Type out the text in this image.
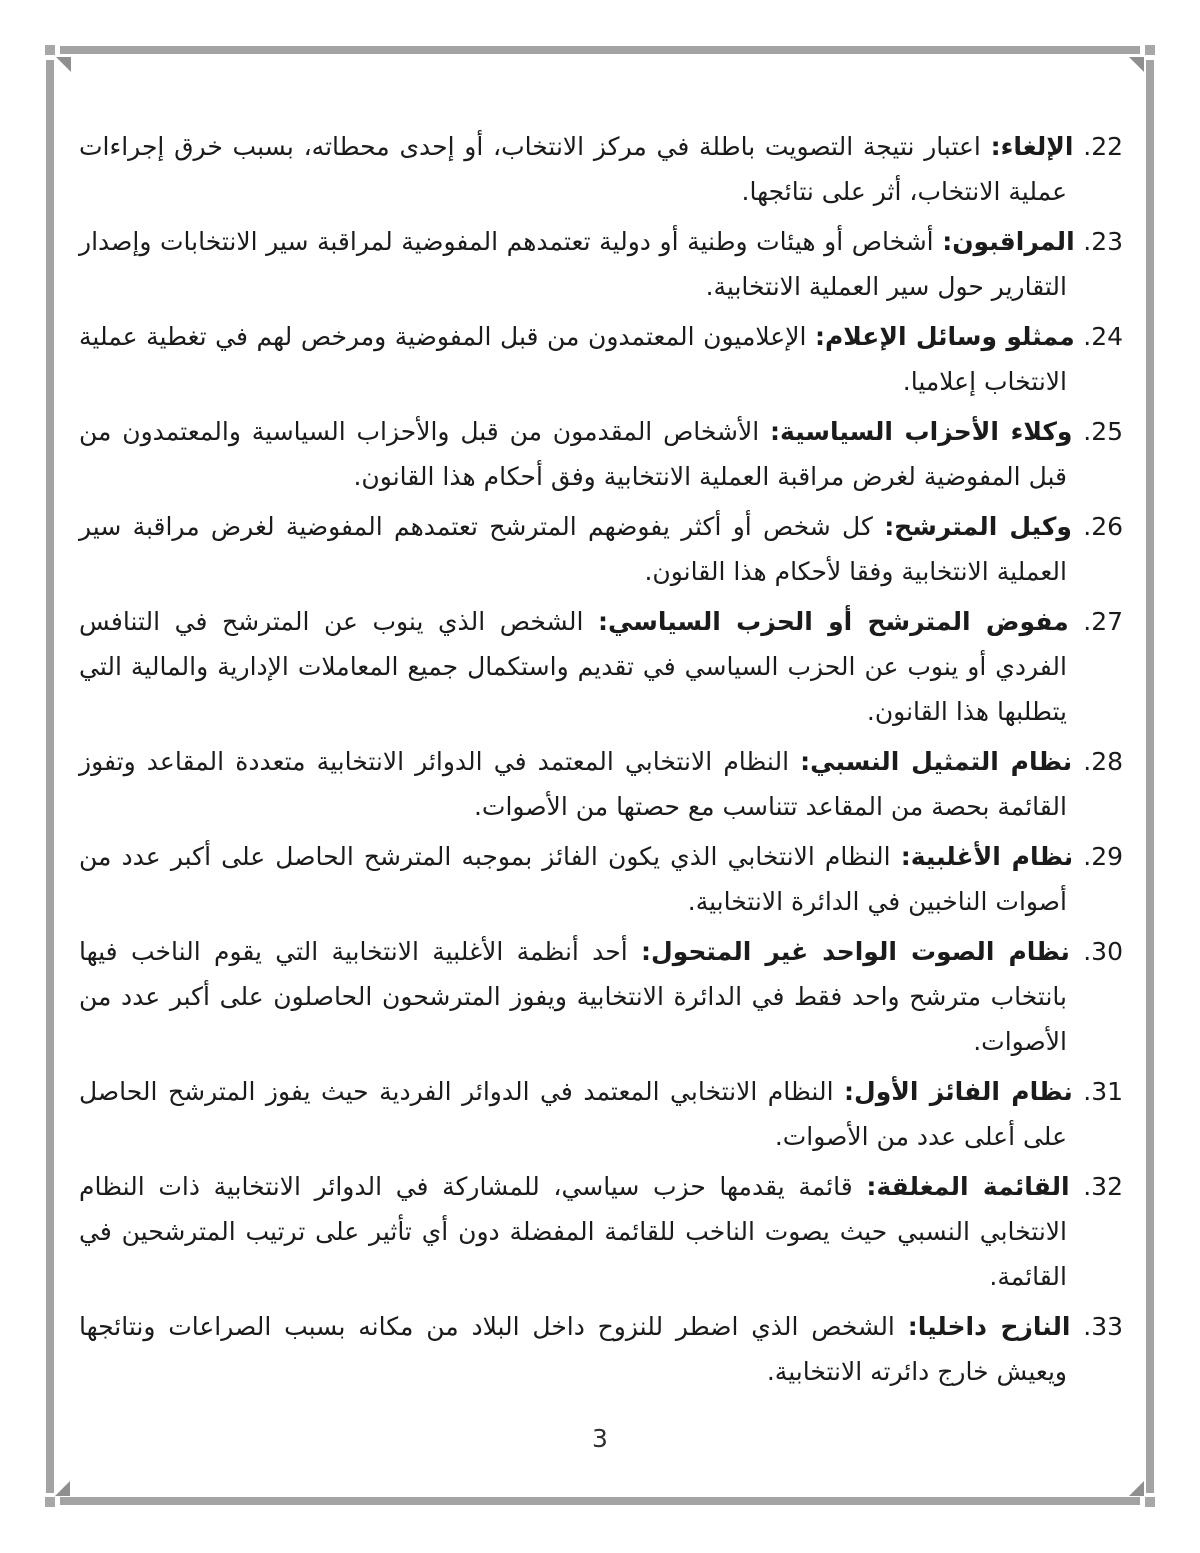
22. الإلغاء: اعتبار نتيجة التصويت باطلة في مركز الانتخاب، أو إحدى محطاته، بسبب خرق إجراءات عملية الانتخاب، أثر على نتائجها.
23. المراقبون: أشخاص أو هيئات وطنية أو دولية تعتمدهم المفوضية لمراقبة سير الانتخابات وإصدار التقارير حول سير العملية الانتخابية.
24. ممثلو وسائل الإعلام: الإعلاميون المعتمدون من قبل المفوضية ومرخص لهم في تغطية عملية الانتخاب إعلاميا.
25. وكلاء الأحزاب السياسية: الأشخاص المقدمون من قبل والأحزاب السياسية والمعتمدون من قبل المفوضية لغرض مراقبة العملية الانتخابية وفق أحكام هذا القانون.
26. وكيل المترشح: كل شخص أو أكثر يفوضهم المترشح تعتمدهم المفوضية لغرض مراقبة سير العملية الانتخابية وفقا لأحكام هذا القانون.
27. مفوض المترشح أو الحزب السياسي: الشخص الذي ينوب عن المترشح في التنافس الفردي أو ينوب عن الحزب السياسي في تقديم واستكمال جميع المعاملات الإدارية والمالية التي يتطلبها هذا القانون.
28. نظام التمثيل النسبي: النظام الانتخابي المعتمد في الدوائر الانتخابية متعددة المقاعد وتفوز القائمة بحصة من المقاعد تتناسب مع حصتها من الأصوات.
29. نظام الأغلبية: النظام الانتخابي الذي يكون الفائز بموجبه المترشح الحاصل على أكبر عدد من أصوات الناخبين في الدائرة الانتخابية.
30. نظام الصوت الواحد غير المتحول: أحد أنظمة الأغلبية الانتخابية التي يقوم الناخب فيها بانتخاب مترشح واحد فقط في الدائرة الانتخابية ويفوز المترشحون الحاصلون على أكبر عدد من الأصوات.
31. نظام الفائز الأول: النظام الانتخابي المعتمد في الدوائر الفردية حيث يفوز المترشح الحاصل على أعلى عدد من الأصوات.
32. القائمة المغلقة: قائمة يقدمها حزب سياسي، للمشاركة في الدوائر الانتخابية ذات النظام الانتخابي النسبي حيث يصوت الناخب للقائمة المفضلة دون أي تأثير على ترتيب المترشحين في القائمة.
33. النازح داخليا: الشخص الذي اضطر للنزوح داخل البلاد من مكانه بسبب الصراعات ونتائجها ويعيش خارج دائرته الانتخابية.
3
